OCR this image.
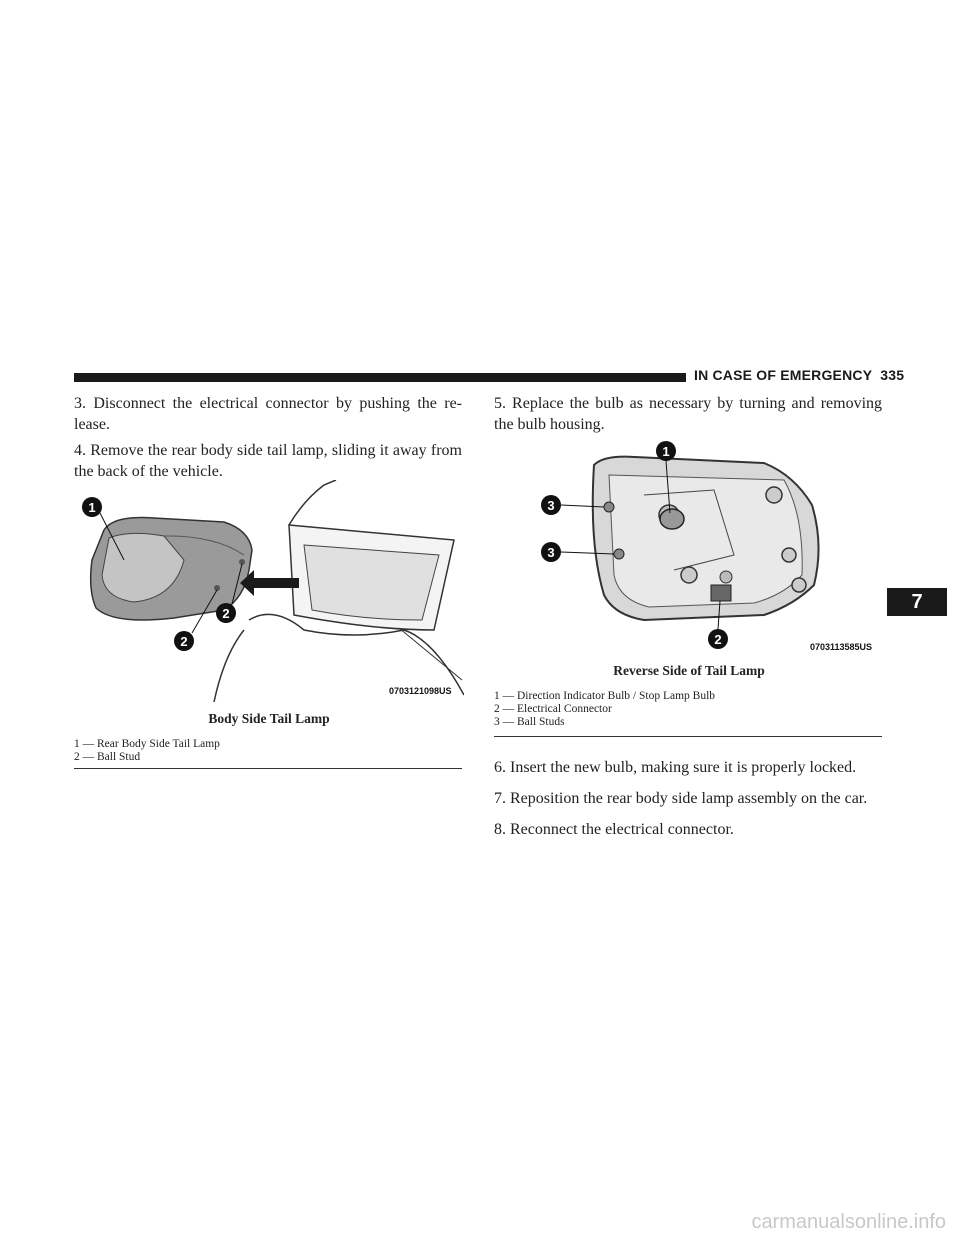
IN CASE OF EMERGENCY 335
3. Disconnect the electrical connector by pushing the re-lease.
4. Remove the rear body side tail lamp, sliding it away from the back of the vehicle.
1
2
2
0703121098US
Body Side Tail Lamp
1 — Rear Body Side Tail Lamp
2 — Ball Stud
5. Replace the bulb as necessary by turning and removing the bulb housing.
1
3
3
2	0703113585US
Reverse Side of Tail Lamp
1 — Direction Indicator Bulb / Stop Lamp Bulb
2 — Electrical Connector
3 — Ball Studs
6. Insert the new bulb, making sure it is properly locked.
7. Reposition the rear body side lamp assembly on the car.
8. Reconnect the electrical connector.
7
carmanualsonline.info
